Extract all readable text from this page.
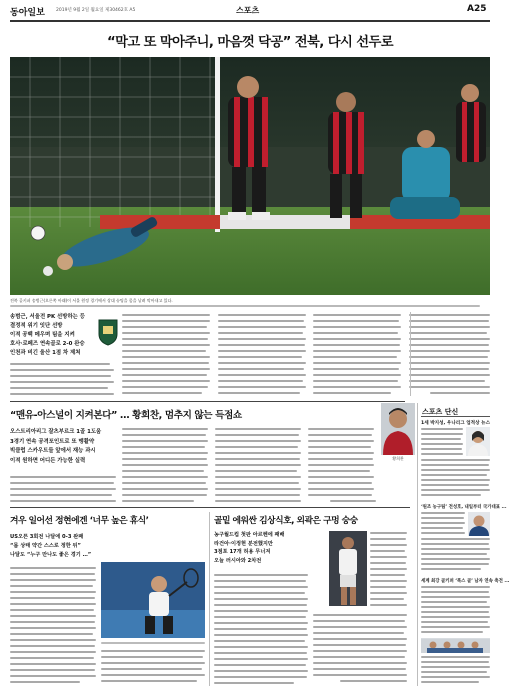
동아일보 2019년 9월 2일 월요일 제30462호 A5	스포츠	A25
“막고 또 막아주니, 마음껏 닥공” 전북, 다시 선두로
전북 골키퍼 송범근(오른쪽 아래)이 서울 원정 경기에서 상대 슈팅을 몸을 날려 막아내고 있다.
송범근, 서울전 PK 선방하는 등
결정적 위기 잇단 선방
이적 공백 메우며 팀을 지켜
호사·로페즈 연속골로 2-0 완승
인천과 비긴 울산 1점 차 제쳐
“맨유-아스널이 지켜본다” … 황희찬, 멈추지 않는 득점쇼
오스트리아리그 잘츠부르크 1골 1도움
3경기 연속 공격포인트로 또 맹활약
빅클럽 스카우트들 앞에서 재능 과시
이적 원하면 어디든 가능한 실력	황희찬
스포츠 단신
1세 박지성, 우나리그 업적상 뉴스
‘원조 농구팀’ 전성호, 내일부터 국가대표 ...
세계 최강 골키퍼 ‘폭스 골’ 남자 연속 축전 ...
겨우 일어선 정현에겐 ‘너무 높은 휴식’	골밑 에워싼 김상식호, 외곽은 구멍 숭숭
US오픈 3회전 나달에 0-3 완패
“몸 상태 약간 스스로 정한 뒤”
나달도 “누구 만나도 좋은 경기 …”
농구월드컵 첫판 아르헨에 패배
라건아·이정현 분전했지만
3점포 17개 허용 무너져
오늘 러시아와 2차전
